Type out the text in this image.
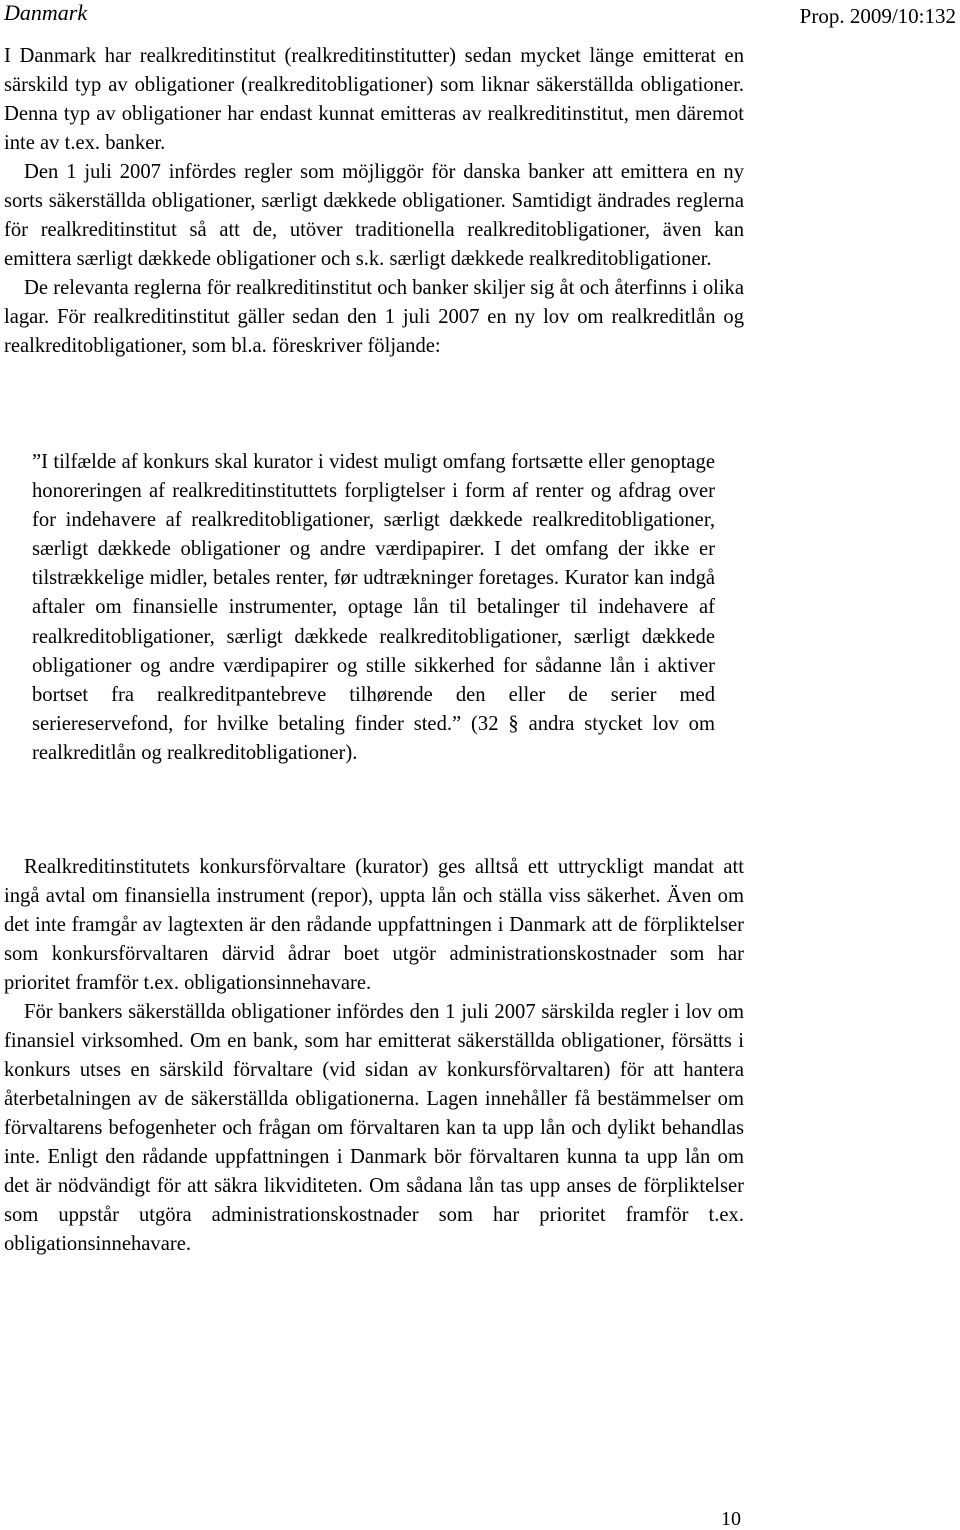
Danmark	Prop. 2009/10:132

I Danmark har realkreditinstitut (realkreditinstitutter) sedan mycket länge emitterat en särskild typ av obligationer (realkreditobligationer) som liknar säkerställda obligationer. Denna typ av obligationer har endast kunnat emitteras av realkreditinstitut, men däremot inte av t.ex. banker.

Den 1 juli 2007 infördes regler som möjliggör för danska banker att emittera en ny sorts säkerställda obligationer, særligt dækkede obligationer. Samtidigt ändrades reglerna för realkreditinstitut så att de, utöver traditionella realkreditobligationer, även kan emittera særligt dækkede obligationer och s.k. særligt dækkede realkreditobligationer.

De relevanta reglerna för realkreditinstitut och banker skiljer sig åt och återfinns i olika lagar. För realkreditinstitut gäller sedan den 1 juli 2007 en ny lov om realkreditlån og realkreditobligationer, som bl.a. föreskriver följande:

”I tilfælde af konkurs skal kurator i videst muligt omfang fortsætte eller genoptage honoreringen af realkreditinstituttets forpligtelser i form af renter og afdrag over for indehavere af realkreditobligationer, særligt dækkede realkreditobligationer, særligt dækkede obligationer og andre værdipapirer. I det omfang der ikke er tilstrækkelige midler, betales renter, før udtrækninger foretages. Kurator kan indgå aftaler om finansielle instrumenter, optage lån til betalinger til indehavere af realkreditobligationer, særligt dækkede realkreditobligationer, særligt dækkede obligationer og andre værdipapirer og stille sikkerhed for sådanne lån i aktiver bortset fra realkreditpantebreve tilhørende den eller de serier med seriereservefond, for hvilke betaling finder sted.” (32 § andra stycket lov om realkreditlån og realkreditobligationer).

Realkreditinstitutets konkursförvaltare (kurator) ges alltså ett uttryckligt mandat att ingå avtal om finansiella instrument (repor), uppta lån och ställa viss säkerhet. Även om det inte framgår av lagtexten är den rådande uppfattningen i Danmark att de förpliktelser som konkursförvaltaren därvid ådrar boet utgör administrationskostnader som har prioritet framför t.ex. obligationsinnehavare.

För bankers säkerställda obligationer infördes den 1 juli 2007 särskilda regler i lov om finansiel virksomhed. Om en bank, som har emitterat säkerställda obligationer, försätts i konkurs utses en särskild förvaltare (vid sidan av konkursförvaltaren) för att hantera återbetalningen av de säkerställda obligationerna. Lagen innehåller få bestämmelser om förvaltarens befogenheter och frågan om förvaltaren kan ta upp lån och dylikt behandlas inte. Enligt den rådande uppfattningen i Danmark bör förvaltaren kunna ta upp lån om det är nödvändigt för att säkra likviditeten. Om sådana lån tas upp anses de förpliktelser som uppstår utgöra administrationskostnader som har prioritet framför t.ex. obligationsinnehavare.

10
